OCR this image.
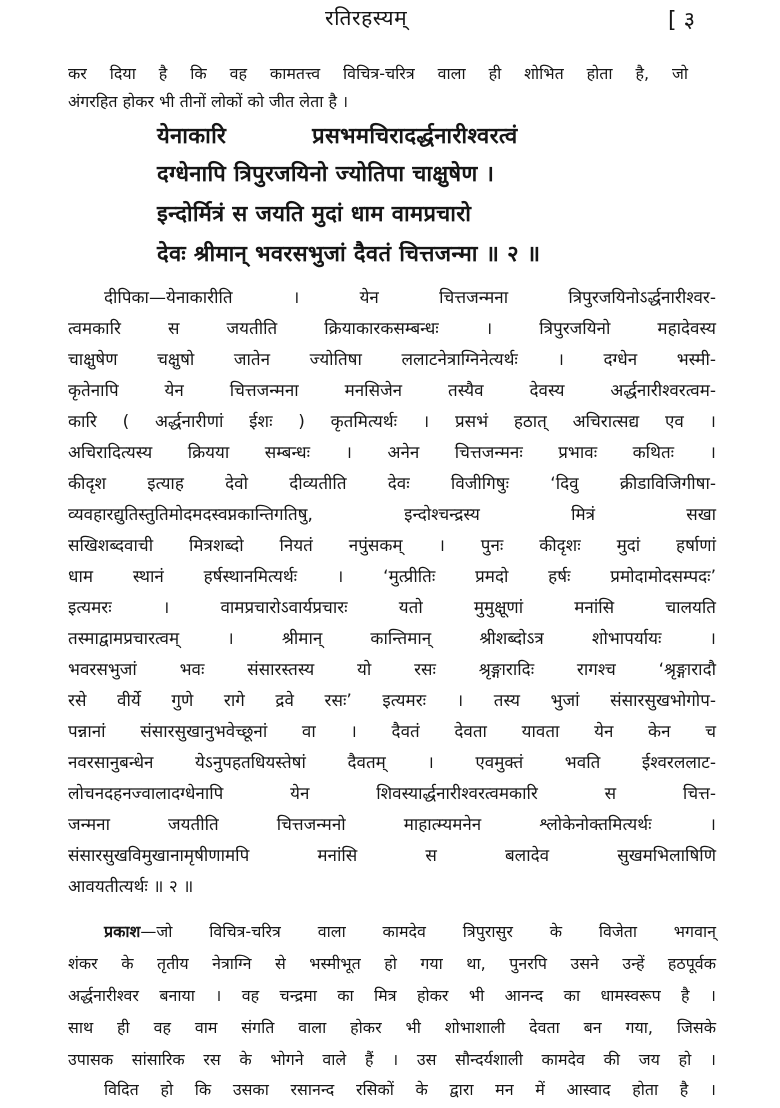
रतिरहस्यम्	[ ३
कर दिया है कि वह कामतत्त्व विचित्र-चरित्र वाला ही शोभित होता है, जो
अंगरहित होकर भी तीनों लोकों को जीत लेता है ।
येनाकारि	प्रसभमचिराद‍र्द्धनारीश्वरत्वं
दग्धेनापि त्रिपुरजयिनो ज्योतिपा चाक्षुषेण ।
इन्दोर्मित्रं स जयति मुदां धाम वामप्रचारो
देवः श्रीमान् भवरसभुजां दैवतं चित्तजन्मा ॥ २ ॥
दीपिका—येनाकारीति । येन चित्तजन्मना त्रिपुरजयिनोऽर्द्धनारीश्वर-
त्वमकारि स जयतीति क्रियाकारकसम्बन्धः । त्रिपुरजयिनो महादेवस्य
चाक्षुषेण चक्षुषो जातेन ज्योतिषा ललाटनेत्राग्निनेत्यर्थः । दग्धेन भस्मी-
कृतेनापि येन चित्तजन्मना मनसिजेन तस्यैव देवस्य अर्द्धनारीश्वरत्वम-
कारि ( अर्द्धनारीणां ईशः ) कृतमित्यर्थः । प्रसभं हठात् अचिरात्सद्य एव ।
अचिरादित्यस्य क्रियया सम्बन्धः । अनेन चित्तजन्मनः प्रभावः कथितः ।
कीदृश इत्याह देवो दीव्यतीति देवः विजीगिषुः ‘दिवु क्रीडाविजिगीषा-
व्यवहारद्युतिस्तुतिमोदमदस्वप्नकान्तिगतिषु, इन्दोश्चन्द्रस्य मित्रं सखा
सखिशब्दवाची मित्रशब्दो नियतं नपुंसकम् । पुनः कीदृशः मुदां हर्षाणां
धाम स्थानं हर्षस्थानमित्यर्थः । ‘मुत्प्रीतिः प्रमदो हर्षः प्रमोदामोदसम्पदः’
इत्यमरः । वामप्रचारोऽवार्यप्रचारः यतो मुमुक्षूणां मनांसि चालयति
तस्माद्वामप्रचारत्वम् । श्रीमान् कान्तिमान् श्रीशब्दोऽत्र शोभापर्यायः ।
भवरसभुजां भवः संसारस्तस्य यो रसः श्रृङ्गारादिः रागश्च ‘श्रृङ्गारादौ
रसे वीर्ये गुणे रागे द्रवे रसः’ इत्यमरः । तस्य भुजां संसारसुखभोगोप-
पन्नानां संसारसुखानुभवेच्छूनां वा । दैवतं देवता यावता येन केन च
नवरसानुबन्धेन येऽनुपहतधियस्तेषां दैवतम् । एवमुक्तं भवति ईश्वरललाट-
लोचनदहनज्वालादग्धेनापि येन शिवस्यार्द्धनारीश्वरत्वमकारि स चित्त-
जन्मना जयतीति चित्तजन्मनो माहात्म्यमनेन श्लोकेनोक्तमित्यर्थः ।
संसारसुखविमुखानामृषीणामपि मनांसि स बलादेव सुखमभिलाषिणि
आवयतीत्यर्थः ॥ २ ॥
प्रकाश—जो विचित्र-चरित्र वाला कामदेव त्रिपुरासुर के विजेता भगवान्
शंकर के तृतीय नेत्राग्नि से भस्मीभूत हो गया था, पुनरपि उसने उन्हें हठपूर्वक
अर्द्धनारीश्वर बनाया । वह चन्द्रमा का मित्र होकर भी आनन्द का धामस्वरूप है ।
साथ ही वह वाम संगति वाला होकर भी शोभाशाली देवता बन गया, जिसके
उपासक सांसारिक रस के भोगने वाले हैं । उस सौन्दर्यशाली कामदेव की जय हो ।
विदित हो कि उसका रसानन्द रसिकों के द्वारा मन में आस्वाद होता है ।
